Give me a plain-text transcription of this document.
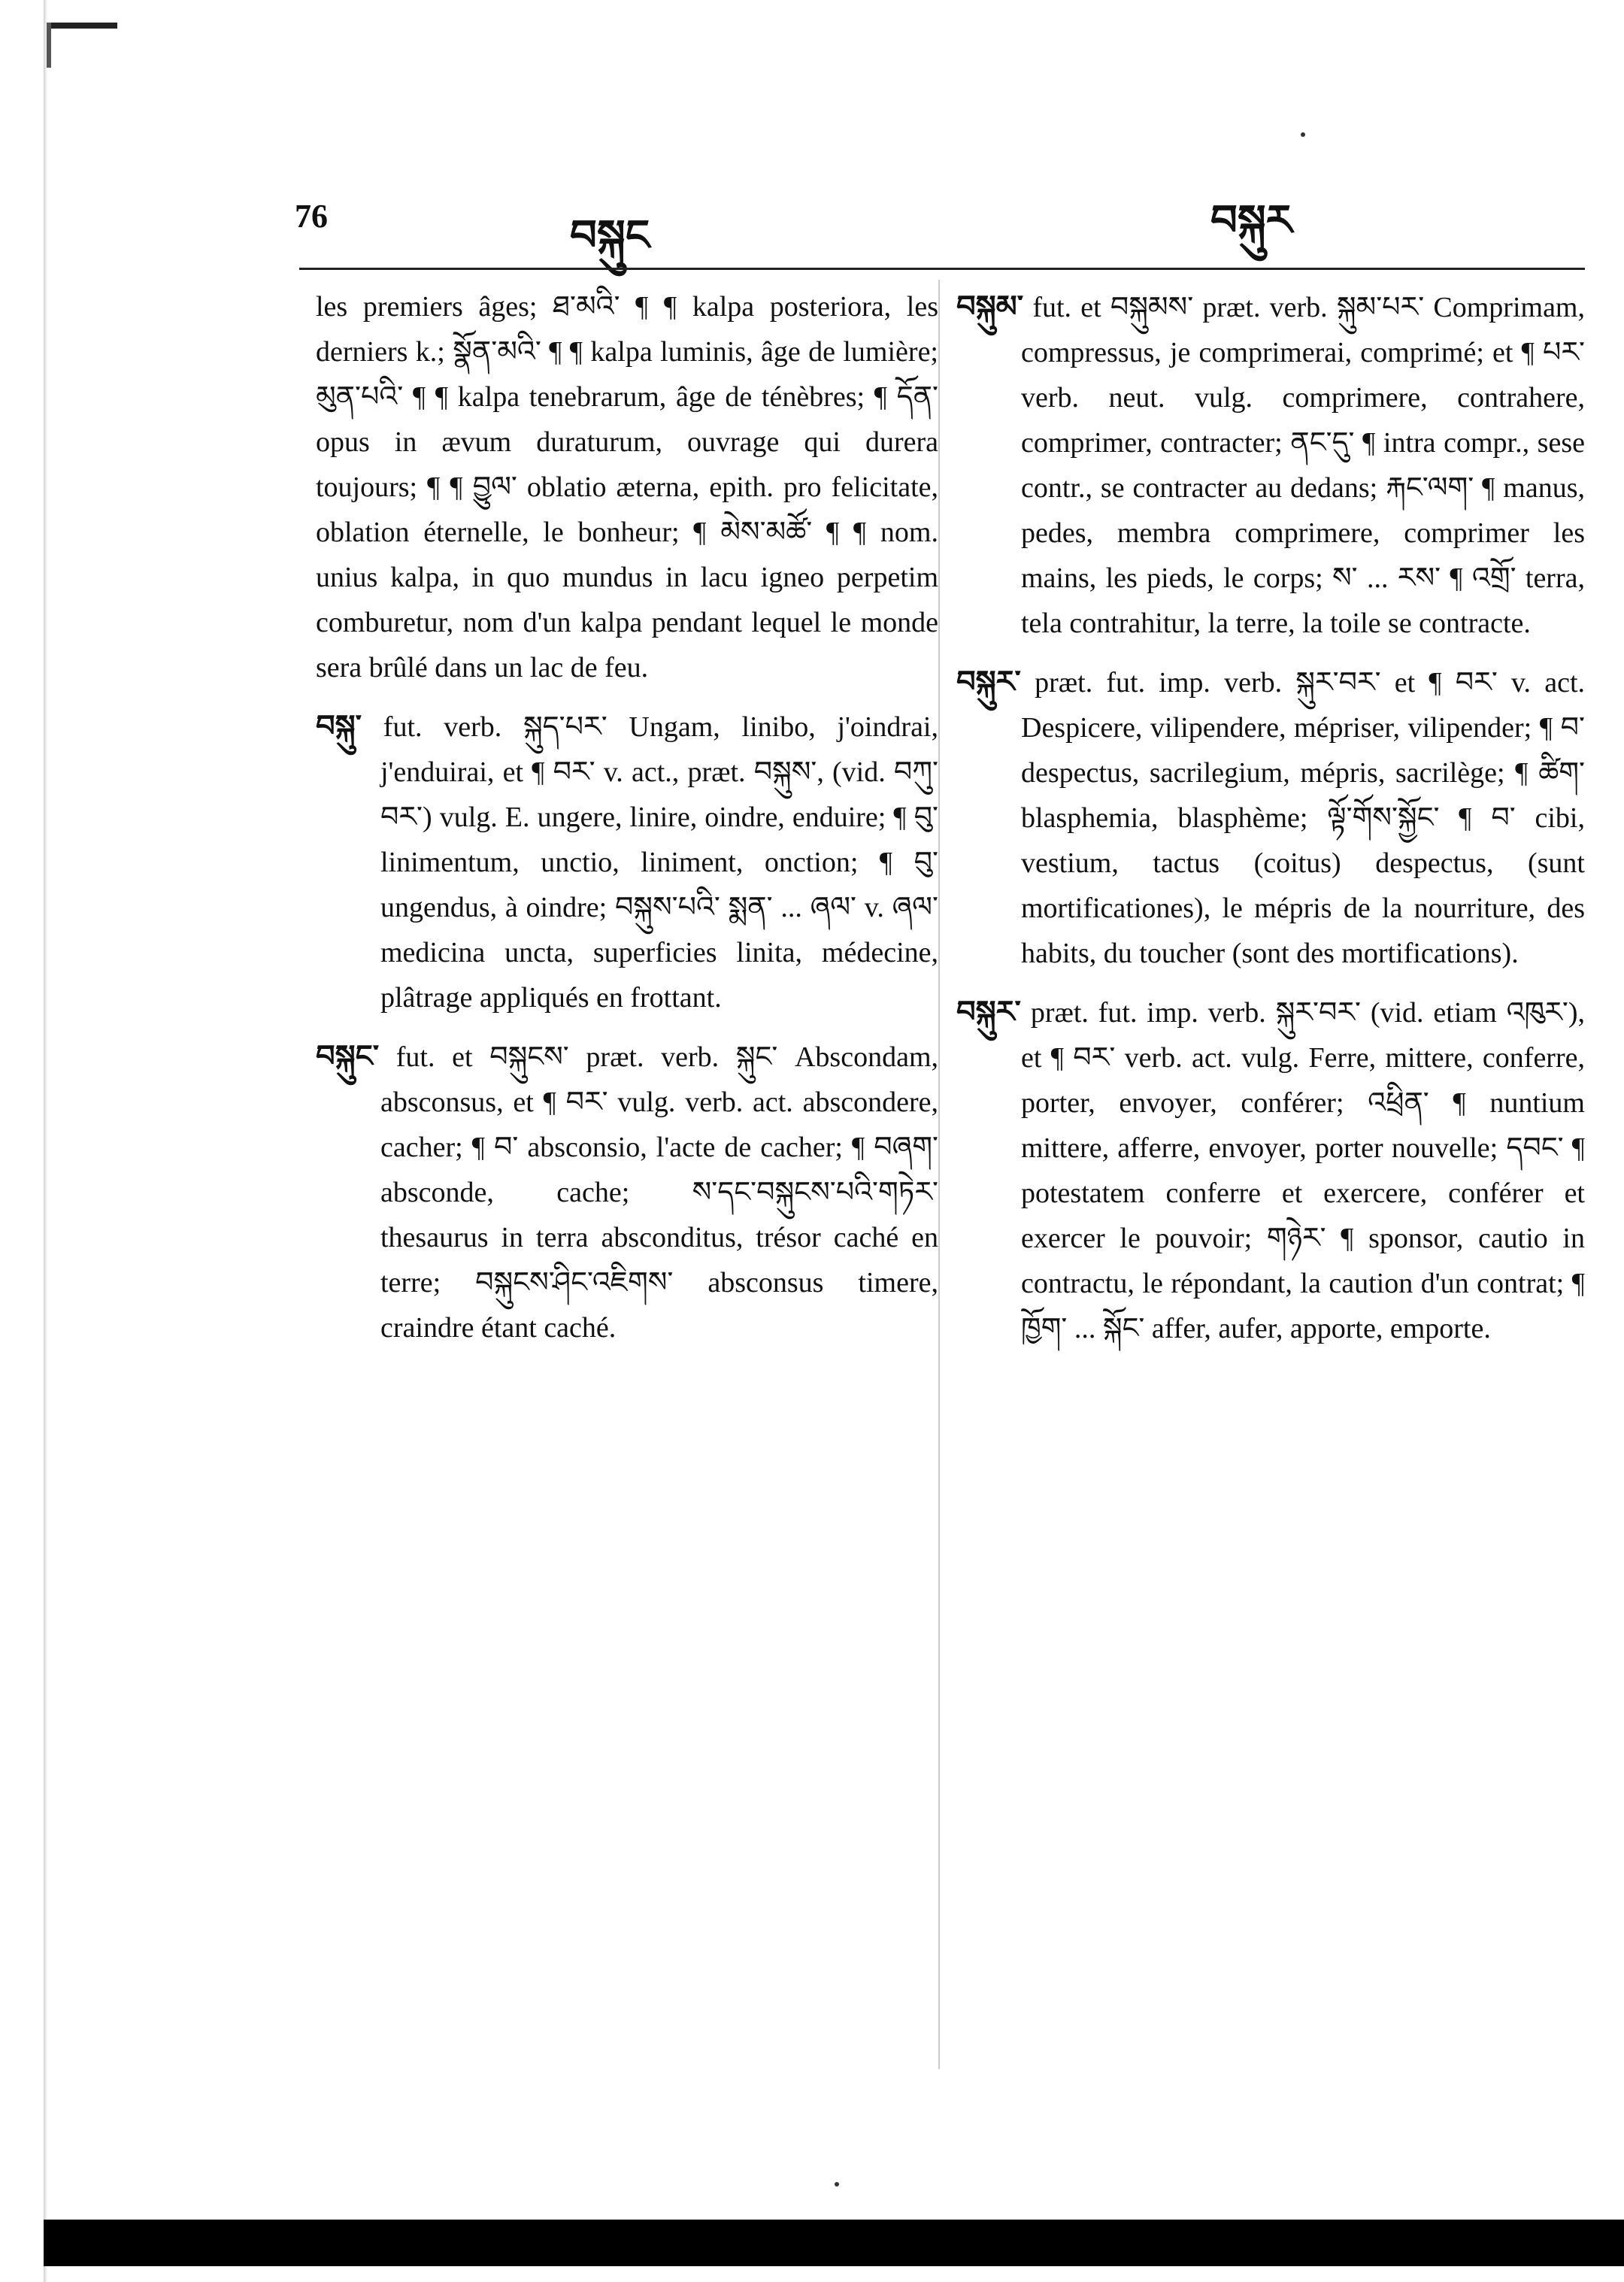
76	བསྐུང	བསྐུར
les premiers âges; ཐ་མའི་ ¶ ¶ kalpa posteriora, les derniers k.; སྣོན་མའི་ ¶ ¶ kalpa luminis, âge de lumière; མུན་པའི་ ¶ ¶ kalpa tenebrarum, âge de ténèbres; ¶ དོན་ opus in ævum duraturum, ouvrage qui durera toujours; ¶ ¶ བྱུལ་ oblatio æterna, epith. pro felicitate, oblation éternelle, le bonheur; ¶ མེས་མཚོ་ ¶ ¶ nom. unius kalpa, in quo mundus in lacu igneo perpetim comburetur, nom d'un kalpa pendant lequel le monde sera brûlé dans un lac de feu.
བསྐུ་ fut. verb. སྐུད་པར་ Ungam, linibo, j'oindrai, j'enduirai, et ¶ བར་ v. act., præt. བསྐུས་, (vid. བཀུ་བར་) vulg. E. ungere, linire, oindre, enduire; ¶ བུ་ linimentum, unctio, liniment, onction; ¶ བུ་ ungendus, à oindre; བསྐུས་པའི་ སྨན་ ... ཞལ་ v. ཞལ་ medicina uncta, superficies linita, médecine, plâtrage appliqués en frottant.
བསྐུང་ fut. et བསྐུངས་ præt. verb. སྐུང་ Abscondam, absconsus, et ¶ བར་ vulg. verb. act. abscondere, cacher; ¶ བ་ absconsio, l'acte de cacher; ¶ བཞག་ absconde, cache; ས་དང་བསྐུངས་པའི་གཏེར་ thesaurus in terra absconditus, trésor caché en terre; བསྐུངས་ཤིང་འཇིགས་ absconsus timere, craindre étant caché.
བསྐུམ་ fut. et བསྐུམས་ præt. verb. སྐུམ་པར་ Comprimam, compressus, je comprimerai, comprimé; et ¶ པར་ verb. neut. vulg. comprimere, contrahere, comprimer, contracter; ནང་དུ་ ¶ intra compr., sese contr., se contracter au dedans; རྐང་ལག་ ¶ manus, pedes, membra comprimere, comprimer les mains, les pieds, le corps; ས་ ... རས་ ¶ འགྲོ་ terra, tela contrahitur, la terre, la toile se contracte.
བསྐུར་ præt. fut. imp. verb. སྐུར་བར་ et ¶ བར་ v. act. Despicere, vilipendere, mépriser, vilipender; ¶ བ་ despectus, sacrilegium, mépris, sacrilège; ¶ ཚིག་ blasphemia, blasphème; ལྟོ་གོས་སྐྱོང་ ¶ བ་ cibi, vestium, tactus (coitus) despectus, (sunt mortificationes), le mépris de la nourriture, des habits, du toucher (sont des mortifications).
བསྐུར་ præt. fut. imp. verb. སྐུར་བར་ (vid. etiam འཁུར་), et ¶ བར་ verb. act. vulg. Ferre, mittere, conferre, porter, envoyer, conférer; འཕྲིན་ ¶ nuntium mittere, afferre, envoyer, porter nouvelle; དབང་ ¶ potestatem conferre et exercere, conférer et exercer le pouvoir; གཉེར་ ¶ sponsor, cautio in contractu, le répondant, la caution d'un contrat; ¶ ཁྱོག་ ... སྐོང་ affer, aufer, apporte, emporte.
